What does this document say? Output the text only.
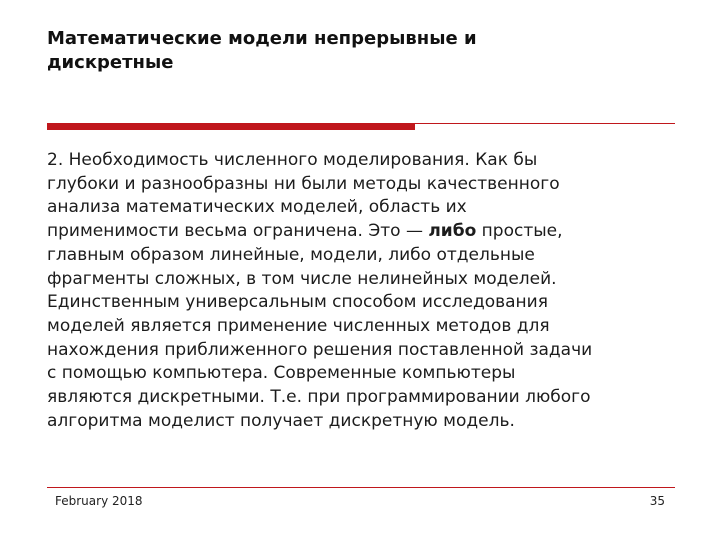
Математические модели непрерывные и
дискретные
2. Необходимость численного моделирования. Как бы
глубоки и разнообразны ни были методы качественного
анализа математических моделей, область их
применимости весьма ограничена. Это — либо простые,
главным образом линейные, модели, либо отдельные
фрагменты сложных, в том числе нелинейных моделей.
Единственным универсальным способом исследования
моделей является применение численных методов для
нахождения приближенного решения поставленной задачи
с помощью компьютера. Современные компьютеры
являются дискретными. Т.е. при программировании любого
алгоритма моделист получает дискретную модель.
February 2018	35
